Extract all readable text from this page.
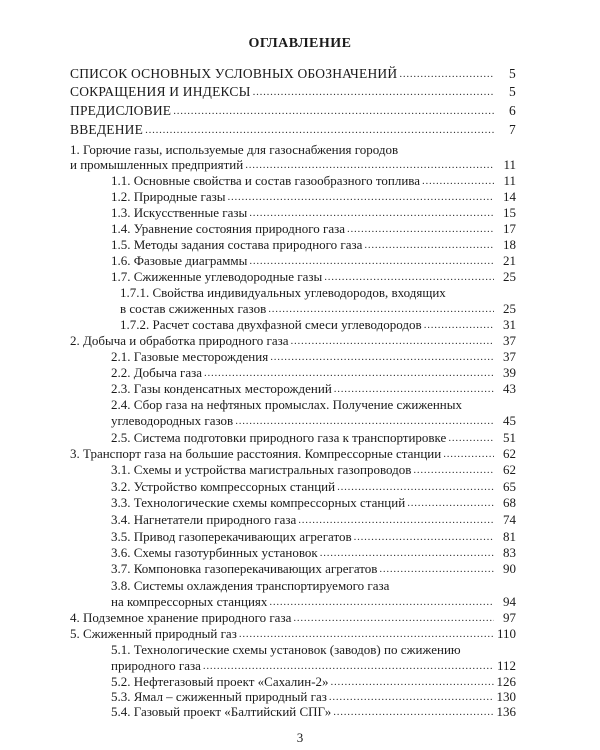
ОГЛАВЛЕНИЕ
СПИСОК ОСНОВНЫХ УСЛОВНЫХ ОБОЗНАЧЕНИЙ . . .	5
СОКРАЩЕНИЯ И ИНДЕКСЫ . . .	5
ПРЕДИСЛОВИЕ . . .	6
ВВЕДЕНИЕ . . .	7
1. Горючие газы, используемые для газоснабжения городов
и промышленных предприятий . . .	11
1.1. Основные свойства и состав газообразного топлива . . .	11
1.2. Природные газы . . .	14
1.3. Искусственные газы . . .	15
1.4. Уравнение состояния природного газа . . .	17
1.5. Методы задания состава природного газа . . .	18
1.6. Фазовые диаграммы . . .	21
1.7. Сжиженные углеводородные газы . . .	25
1.7.1. Свойства индивидуальных углеводородов, входящих
в состав сжиженных газов . . .	25
1.7.2. Расчет состава двухфазной смеси углеводородов . . .	31
2. Добыча и обработка природного газа . . .	37
2.1. Газовые месторождения . . .	37
2.2. Добыча газа . . .	39
2.3. Газы конденсатных месторождений . . .	43
2.4. Сбор газа на нефтяных промыслах. Получение сжиженных
углеводородных газов . . .	45
2.5. Система подготовки природного газа к транспортировке . . .	51
3. Транспорт газа на большие расстояния. Компрессорные станции . . .	62
3.1. Схемы и устройства магистральных газопроводов . . .	62
3.2. Устройство компрессорных станций . . .	65
3.3. Технологические схемы компрессорных станций . . .	68
3.4. Нагнетатели природного газа . . .	74
3.5. Привод газоперекачивающих агрегатов . . .	81
3.6. Схемы газотурбинных установок . . .	83
3.7. Компоновка газоперекачивающих агрегатов . . .	90
3.8. Системы охлаждения транспортируемого газа
на компрессорных станциях . . .	94
4. Подземное хранение природного газа . . .	97
5. Сжиженный природный газ . . .	110
5.1. Технологические схемы установок (заводов) по сжижению
природного газа . . .	112
5.2. Нефтегазовый проект «Сахалин-2» . . .	126
5.3. Ямал – сжиженный природный газ . . .	130
5.4. Газовый проект «Балтийский СПГ» . . .	136
3
